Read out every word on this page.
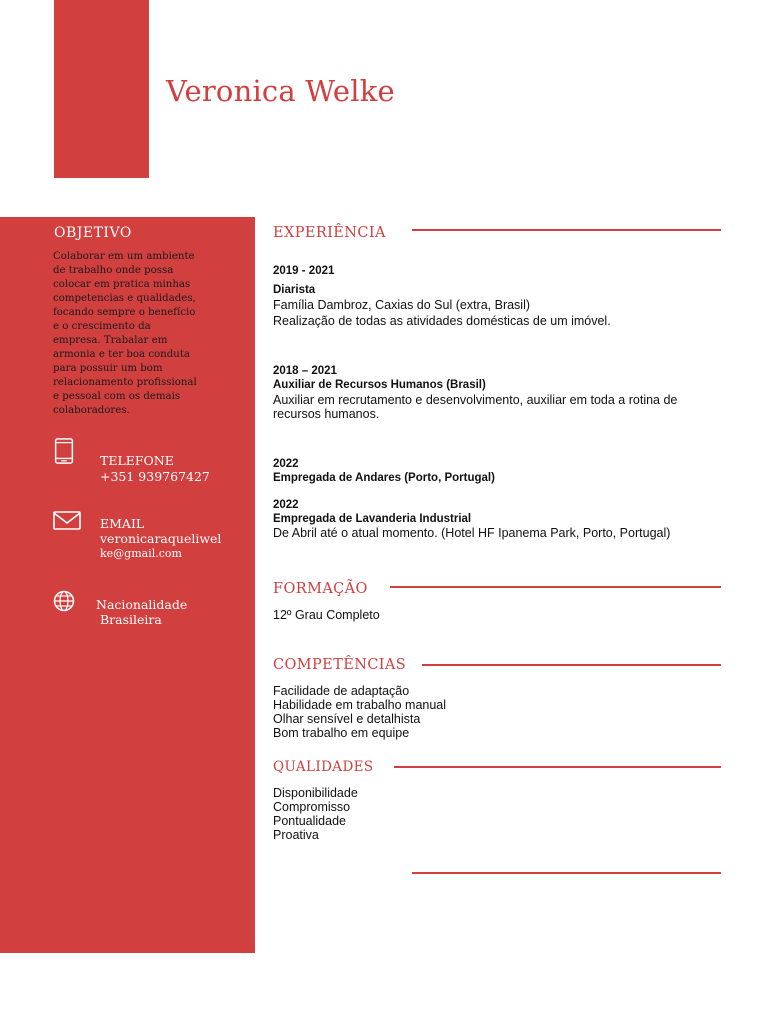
Veronica Welke
OBJETIVO
Colaborar em um ambiente de trabalho onde possa colocar em pratica minhas competencias e qualidades, focando sempre o benefício e o crescimento da empresa. Trabalar em armonia e ter boa conduta para possuir um bom relacionamento profissional e pessoal com os demais colaboradores.
TELEFONE
+351 939767427
EMAIL
veronicaraqueliwel
ke@gmail.com
Nacionalidade
Brasileira
EXPERIÊNCIA
2019 - 2021
Diarista
Família Dambroz, Caxias do Sul (extra, Brasil)
Realização de todas as atividades domésticas de um imóvel.
2018 – 2021
Auxiliar de Recursos Humanos (Brasil)
Auxiliar em recrutamento e desenvolvimento, auxiliar em toda a rotina de
recursos humanos.
2022
Empregada de Andares (Porto, Portugal)
2022
Empregada de Lavanderia Industrial
De Abril até o atual momento. (Hotel HF Ipanema Park, Porto, Portugal)
FORMAÇÃO
12º Grau Completo
COMPETÊNCIAS
Facilidade de adaptação
Habilidade em trabalho manual
Olhar sensível e detalhista
Bom trabalho em equipe
QUALIDADES
Disponibilidade
Compromisso
Pontualidade
Proativa
